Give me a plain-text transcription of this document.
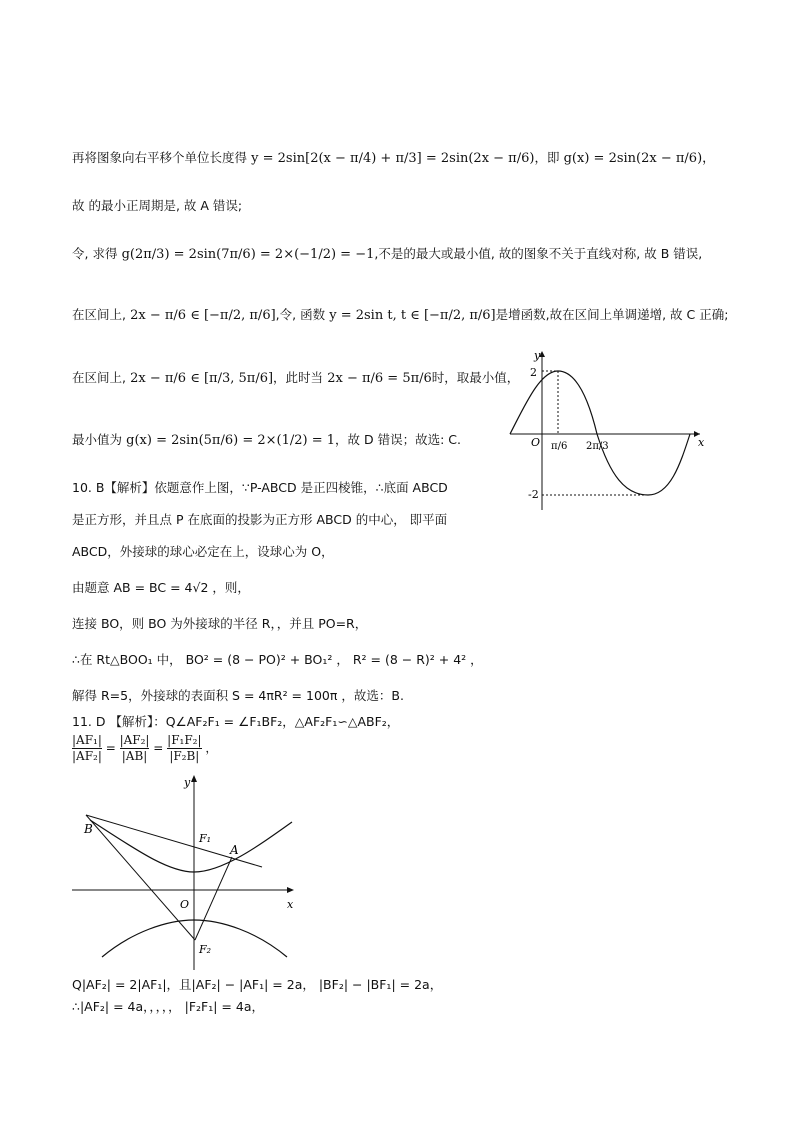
再将图象向右平移个单位长度得 y = 2sin[2(x − π/4) + π/3] = 2sin(2x − π/6)，即 g(x) = 2sin(2x − π/6)，
故 的最小正周期是, 故 A 错误;
令, 求得 g(2π/3) = 2sin(7π/6) = 2×(−1/2) = −1,不是的最大或最小值, 故的图象不关于直线对称, 故 B 错误,
在区间上, 2x − π/6 ∈ [−π/2, π/6],令, 函数 y = 2sin t, t ∈ [−π/2, π/6]是增函数,故在区间上单调递增, 故 C 正确;
在区间上, 2x − π/6 ∈ [π/3, 5π/6]，此时当 2x − π/6 = 5π/6时，取最小值，
最小值为 g(x) = 2sin(5π/6) = 2×(1/2) = 1，故 D 错误；故选: C.
10. B【解析】依题意作上图，∵P-ABCD 是正四棱锥，∴底面 ABCD
是正方形，并且点 P 在底面的投影为正方形 ABCD 的中心， 即平面
ABCD，外接球的球心必定在上，设球心为 O，
由题意 AB = BC = 4√2 ，则，
连接 BO，则 BO 为外接球的半径 R，，并且 PO=R，
∴在 Rt△BOO₁ 中， BO² = (8 − PO)² + BO₁² ， R² = (8 − R)² + 4² ，
解得 R=5，外接球的表面积 S = 4πR² = 100π ，故选：B.
11. D 【解析】：Q∠AF₂F₁ = ∠F₁BF₂，△AF₂F₁∽△ABF₂，
$\frac{\text{|AF₁|}}{\text{|AF₂|}} = \frac{\text{|AF₂|}}{|AB|} = \frac{\text{|F₁F₂|}}{\text{|F₂B|}}$ ，
Q|AF₂| = 2|AF₁|，且|AF₂| − |AF₁| = 2a， |BF₂| − |BF₁| = 2a，
∴|AF₂| = 4a，，，，， |F₂F₁| = 4a，
y
x
O
2
-2
π/6 2π/3
y
x
O
B
A
F₁
F₂
